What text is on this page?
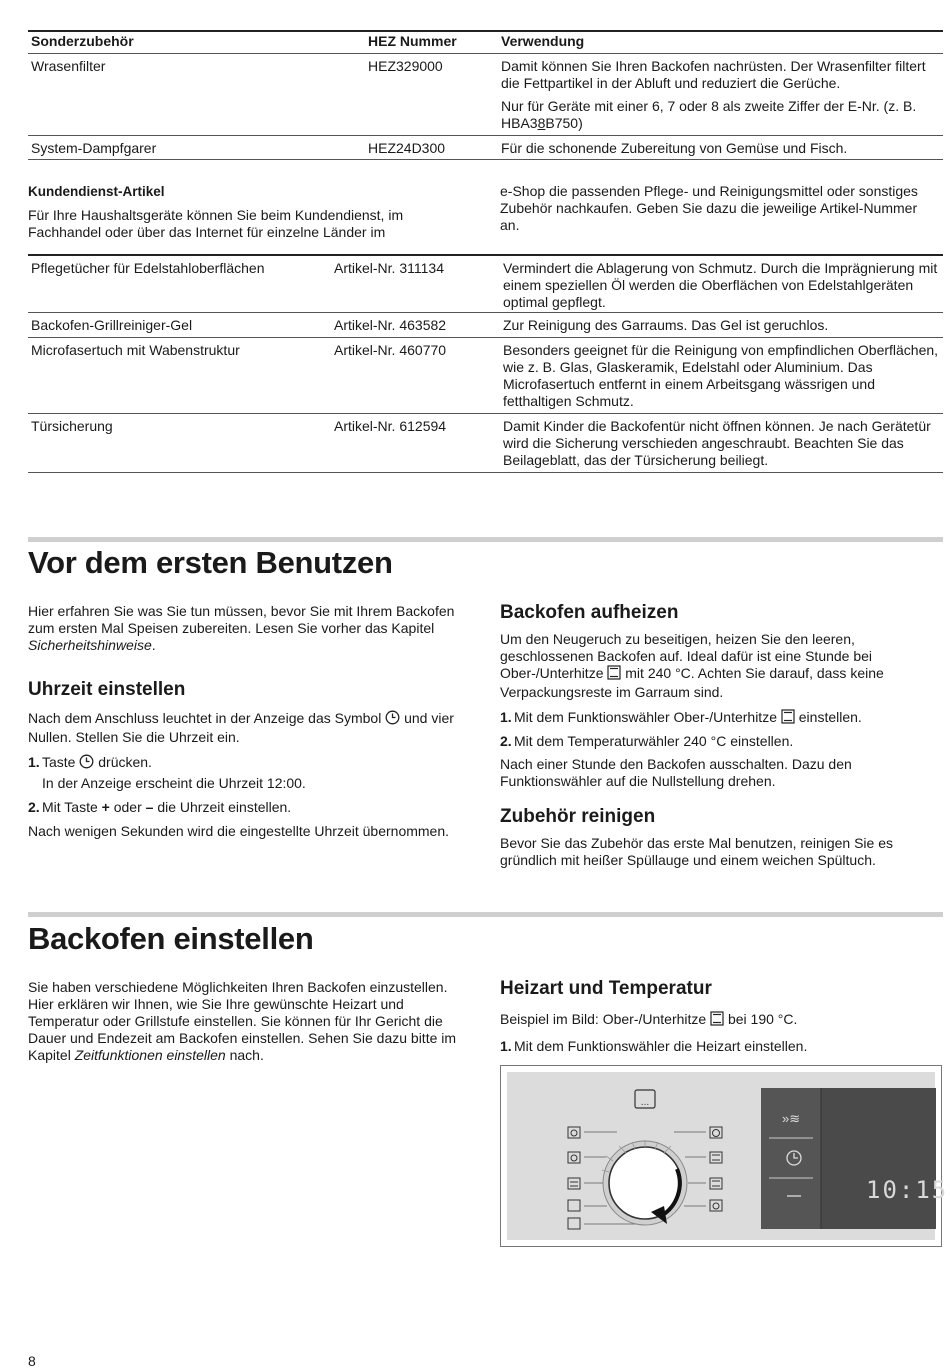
Sonderzubehör	HEZ Nummer	Verwendung
Wrasenfilter	HEZ329000	Damit können Sie Ihren Backofen nachrüsten. Der Wrasenfilter filtert die Fettpartikel in der Abluft und reduziert die Gerüche.
Nur für Geräte mit einer 6, 7 oder 8 als zweite Ziffer der E-Nr. (z. B. HBA38B750)
System-Dampfgarer	HEZ24D300	Für die schonende Zubereitung von Gemüse und Fisch.
Kundendienst-Artikel
Für Ihre Haushaltsgeräte können Sie beim Kundendienst, im Fachhandel oder über das Internet für einzelne Länder im
e-Shop die passenden Pflege- und Reinigungsmittel oder sonstiges Zubehör nachkaufen. Geben Sie dazu die jeweilige Artikel-Nummer an.
Pflegetücher für Edelstahloberflächen	Artikel-Nr. 311134	Vermindert die Ablagerung von Schmutz. Durch die Imprägnierung mit einem speziellen Öl werden die Oberflächen von Edelstahlgeräten optimal gepflegt.
Backofen-Grillreiniger-Gel	Artikel-Nr. 463582	Zur Reinigung des Garraums. Das Gel ist geruchlos.
Microfasertuch mit Wabenstruktur	Artikel-Nr. 460770	Besonders geeignet für die Reinigung von empfindlichen Oberflächen, wie z. B. Glas, Glaskeramik, Edelstahl oder Aluminium. Das Microfasertuch entfernt in einem Arbeitsgang wässrigen und fetthaltigen Schmutz.
Türsicherung	Artikel-Nr. 612594	Damit Kinder die Backofentür nicht öffnen können. Je nach Gerätetür wird die Sicherung verschieden angeschraubt. Beachten Sie das Beilageblatt, das der Türsicherung beiliegt.
Vor dem ersten Benutzen
Hier erfahren Sie was Sie tun müssen, bevor Sie mit Ihrem Backofen zum ersten Mal Speisen zubereiten. Lesen Sie vorher das Kapitel Sicherheitshinweise.
Uhrzeit einstellen
Nach dem Anschluss leuchtet in der Anzeige das Symbol  und vier Nullen. Stellen Sie die Uhrzeit ein.
1. Taste  drücken.
In der Anzeige erscheint die Uhrzeit 12:00.
2. Mit Taste + oder – die Uhrzeit einstellen.
Nach wenigen Sekunden wird die eingestellte Uhrzeit übernommen.
Backofen aufheizen
Um den Neugeruch zu beseitigen, heizen Sie den leeren, geschlossenen Backofen auf. Ideal dafür ist eine Stunde bei Ober-/Unterhitze  mit 240 °C. Achten Sie darauf, dass keine Verpackungsreste im Garraum sind.
1. Mit dem Funktionswähler Ober-/Unterhitze  einstellen.
2. Mit dem Temperaturwähler 240 °C einstellen.
Nach einer Stunde den Backofen ausschalten. Dazu den Funktionswähler auf die Nullstellung drehen.
Zubehör reinigen
Bevor Sie das Zubehör das erste Mal benutzen, reinigen Sie es gründlich mit heißer Spüllauge und einem weichen Spültuch.
Backofen einstellen
Sie haben verschiedene Möglichkeiten Ihren Backofen einzustellen. Hier erklären wir Ihnen, wie Sie Ihre gewünschte Heizart und Temperatur oder Grillstufe einstellen. Sie können für Ihr Gericht die Dauer und Endezeit am Backofen einstellen. Sehen Sie dazu bitte im Kapitel Zeitfunktionen einstellen nach.
Heizart und Temperatur
Beispiel im Bild: Ober-/Unterhitze  bei 190 °C.
1. Mit dem Funktionswähler die Heizart einstellen.
...
»≋
10:15
8
